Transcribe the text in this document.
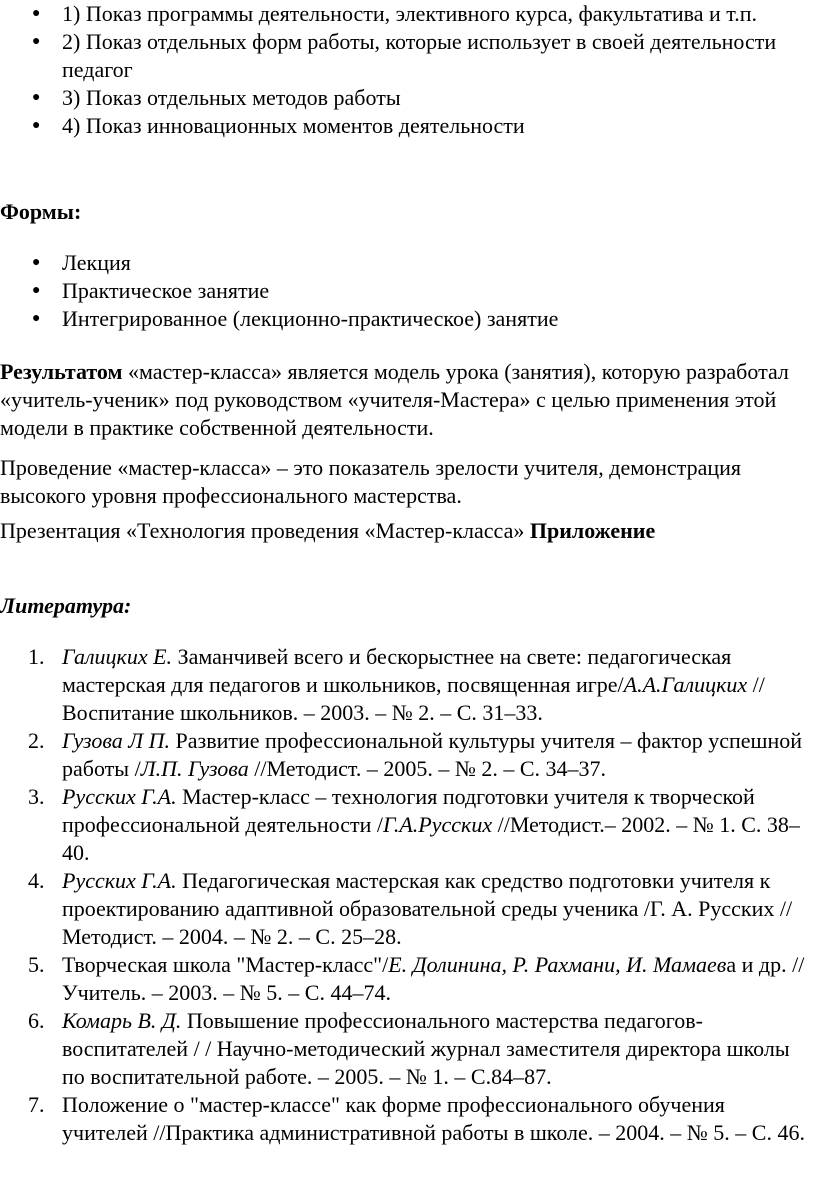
● 1) Показ программы деятельности, элективного курса, факультатива и т.п.
● 2) Показ отдельных форм работы, которые использует в своей деятельности педагог
● 3) Показ отдельных методов работы
● 4) Показ инновационных моментов деятельности
Формы:
● Лекция
● Практическое занятие
● Интегрированное (лекционно-практическое) занятие

Результатом «мастер-класса» является модель урока (занятия), которую разработал «учитель-ученик» под руководством «учителя-Мастера» с целью применения этой модели в практике собственной деятельности.

Проведение «мастер-класса» – это показатель зрелости учителя, демонстрация высокого уровня профессионального мастерства.

Презентация «Технология проведения «Мастер-класса» Приложение

Литература:
1. Галицких Е. Заманчивей всего и бескорыстнее на свете: педагогическая мастерская для педагогов и школьников, посвященная игре/А.А.Галицких //Воспитание школьников. – 2003. – № 2. – С. 31–33.
2. Гузова Л П. Развитие профессиональной культуры учителя – фактор успешной работы /Л.П. Гузова //Методист. – 2005. – № 2. – С. 34–37.
3. Русских Г.А. Мастер-класс – технология подготовки учителя к творческой профессиональной деятельности /Г.А.Русских //Методист.– 2002. – № 1. С. 38–40.
4. Русских Г.А. Педагогическая мастерская как средство подготовки учителя к проектированию адаптивной образовательной среды ученика /Г. А. Русских //Методист. – 2004. – № 2. – С. 25–28.
5. Творческая школа "Мастер-класс"/Е. Долинина, Р. Рахмани, И. Мамаева и др. //Учитель. – 2003. – № 5. – С. 44–74.
6. Комарь В. Д. Повышение профессионального мастерства педагогов-воспитателей / / Научно-методический журнал заместителя директора школы по воспитательной работе. – 2005. – № 1. – С.84–87.
7. Положение о "мастер-классе" как форме профессионального обучения учителей //Практика административной работы в школе. – 2004. – № 5. – С. 46.
